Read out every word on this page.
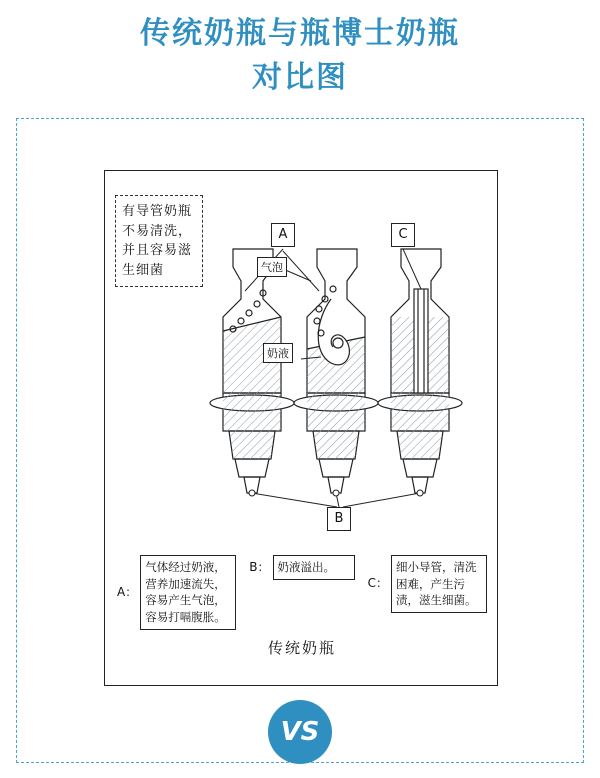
传统奶瓶与瓶博士奶瓶
对比图
有导管奶瓶不易清洗，并且容易滋生细菌
A	C
B
气泡
奶液
A：
气体经过奶液，营养加速流失，容易产生气泡，容易打嗝腹胀。
B： 奶液溢出。
C：
细小导管，清洗困难，产生污渍，滋生细菌。
传统奶瓶
VS
